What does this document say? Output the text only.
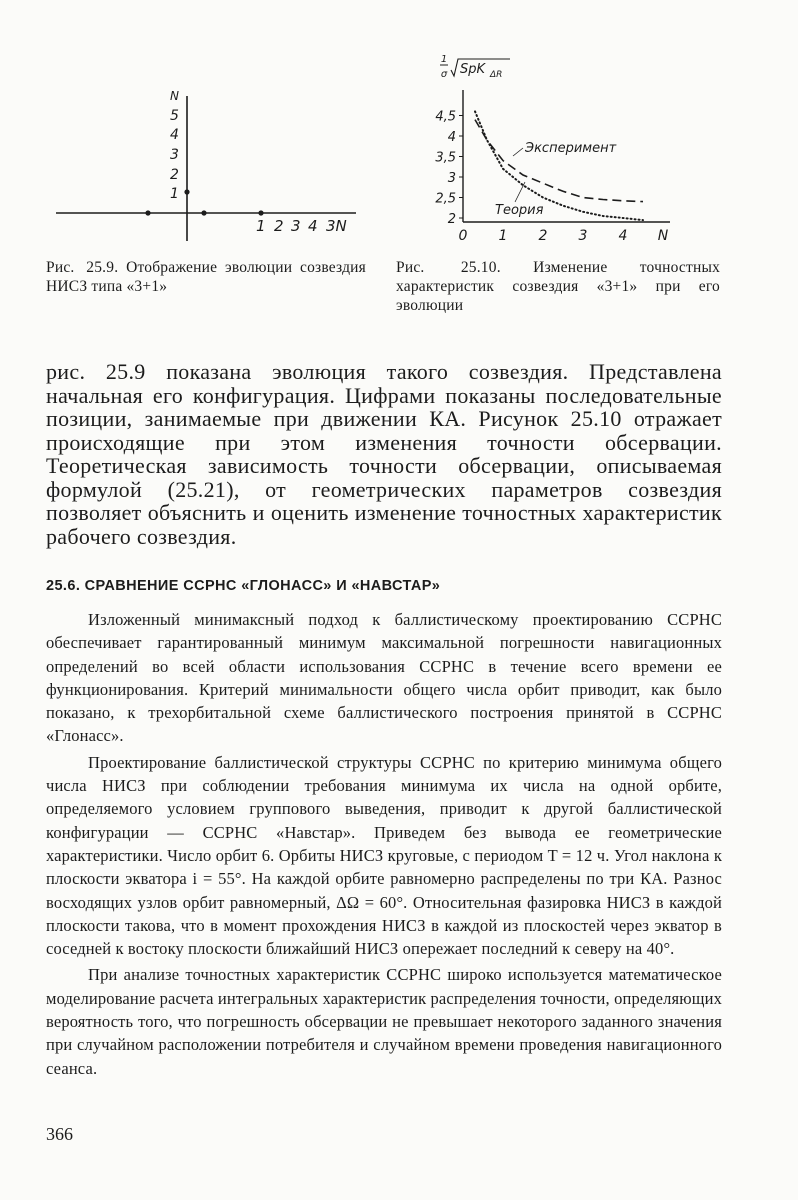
N
5
4
3
2
1
1 2 3 4 3N
Рис. 25.9. Отображение эволюции созвездия НИСЗ типа «3+1»
1
σ SpK ΔR
4,5
4
3,5
3
2,5
2
0 1 2 3 4 N
Эксперимент
Теория
Рис. 25.10. Изменение точностных характеристик созвездия «3+1» при его эволюции

рис. 25.9 показана эволюция такого созвездия. Представлена начальная его конфигурация. Цифрами показаны последовательные позиции, занимаемые при движении КА. Рисунок 25.10 отражает происходящие при этом изменения точности обсервации. Теоретическая зависимость точности обсервации, описываемая формулой (25.21), от геометрических параметров созвездия позволяет объяснить и оценить изменение точностных характеристик рабочего созвездия.

25.6. СРАВНЕНИЕ ССРНС «ГЛОНАСС» И «НАВСТАР»

Изложенный минимаксный подход к баллистическому проектированию ССРНС обеспечивает гарантированный минимум максимальной погрешности навигационных определений во всей области использования ССРНС в течение всего времени ее функционирования. Критерий минимальности общего числа орбит приводит, как было показано, к трехорбитальной схеме баллистического построения принятой в ССРНС «Глонасс».

Проектирование баллистической структуры ССРНС по критерию минимума общего числа НИСЗ при соблюдении требования минимума их числа на одной орбите, определяемого условием группового выведения, приводит к другой баллистической конфигурации — ССРНС «Навстар». Приведем без вывода ее геометрические характеристики. Число орбит 6. Орбиты НИСЗ круговые, с периодом T = 12 ч. Угол наклона к плоскости экватора i = 55°. На каждой орбите равномерно распределены по три КА. Разнос восходящих узлов орбит равномерный, ΔΩ = 60°. Относительная фазировка НИСЗ в каждой плоскости такова, что в момент прохождения НИСЗ в каждой из плоскостей через экватор в соседней к востоку плоскости ближайший НИСЗ опережает последний к северу на 40°.

При анализе точностных характеристик ССРНС широко используется математическое моделирование расчета интегральных характеристик распределения точности, определяющих вероятность того, что погрешность обсервации не превышает некоторого заданного значения при случайном расположении потребителя и случайном времени проведения навигационного сеанса.

366
